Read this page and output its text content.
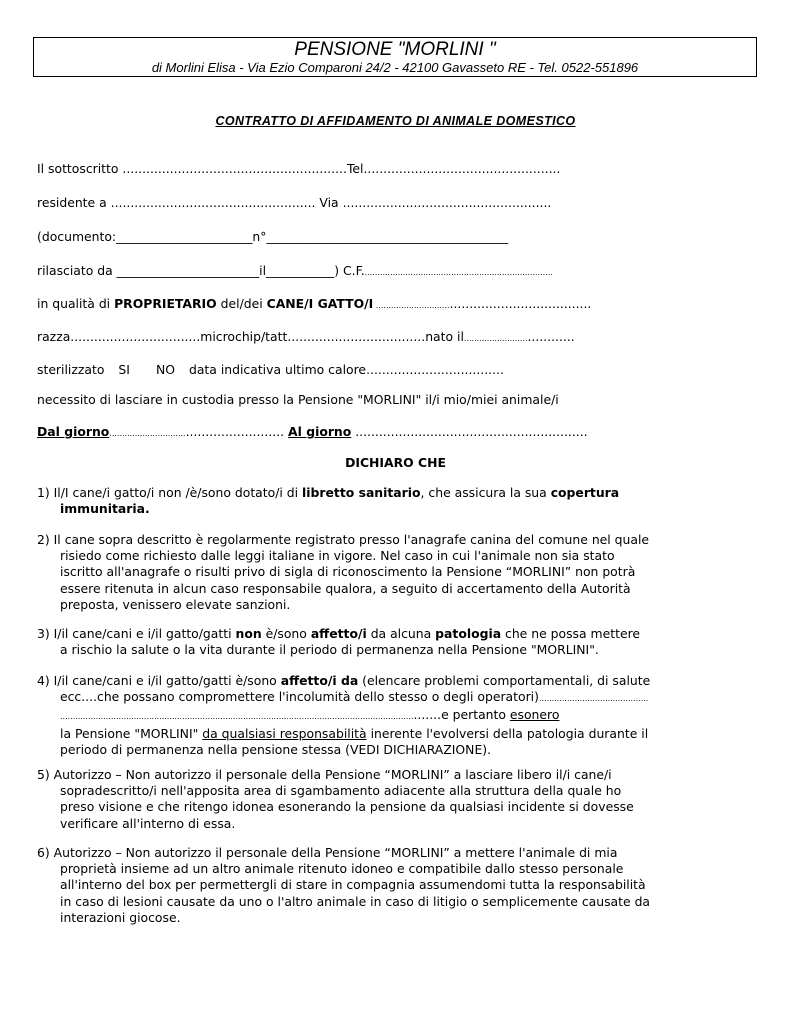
PENSIONE "MORLINI "
di Morlini Elisa - Via Ezio Comparoni 24/2 - 42100 Gavasseto RE - Tel. 0522-551896
CONTRATTO DI AFFIDAMENTO DI ANIMALE DOMESTICO
Il sottoscritto .........................................................Tel..................................................
residente a .................................................... Via .....................................................
(documento:______________________n°_______________________________________
rilasciato da _______________________il___________) C.F...........................................................................
in qualità di PROPRIETARIO del/dei CANE/I GATTO/I .................................................................
razza.................................microchip/tatt...................................nato il.....................................
sterilizzato SI NO data indicativa ultimo calore...................................
necessito di lasciare in custodia presso la Pensione "MORLINI" il/i mio/miei animale/i
Dal giorno....................................................... Al giorno ...........................................................
DICHIARO CHE
1) Il/I cane/i gatto/i non /è/sono dotato/i di libretto sanitario, che assicura la sua copertura
immunitaria.
2) Il cane sopra descritto è regolarmente registrato presso l'anagrafe canina del comune nel quale
risiedo come richiesto dalle leggi italiane in vigore. Nel caso in cui l'animale non sia stato
iscritto all'anagrafe o risulti privo di sigla di riconoscimento la Pensione “MORLINI” non potrà
essere ritenuta in alcun caso responsabile qualora, a seguito di accertamento della Autorità
preposta, venissero elevate sanzioni.
3) I/il cane/cani e i/il gatto/gatti non è/sono affetto/i da alcuna patologia che ne possa mettere
a rischio la salute o la vita durante il periodo di permanenza nella Pensione "MORLINI".
4) I/il cane/cani e i/il gatto/gatti è/sono affetto/i da (elencare problemi comportamentali, di salute
ecc....che possano compromettere l'incolumità dello stesso o degli operatori)...........................................
..................................................................................................................................................e pertanto esonero
la Pensione "MORLINI" da qualsiasi responsabilità inerente l'evolversi della patologia durante il
periodo di permanenza nella pensione stessa (VEDI DICHIARAZIONE).
5) Autorizzo – Non autorizzo il personale della Pensione “MORLINI” a lasciare libero il/i cane/i
sopradescritto/i nell'apposita area di sgambamento adiacente alla struttura della quale ho
preso visione e che ritengo idonea esonerando la pensione da qualsiasi incidente si dovesse
verificare all'interno di essa.
6) Autorizzo – Non autorizzo il personale della Pensione “MORLINI” a mettere l'animale di mia
proprietà insieme ad un altro animale ritenuto idoneo e compatibile dallo stesso personale
all'interno del box per permettergli di stare in compagnia assumendomi tutta la responsabilità
in caso di lesioni causate da uno o l'altro animale in caso di litigio o semplicemente causate da
interazioni giocose.
